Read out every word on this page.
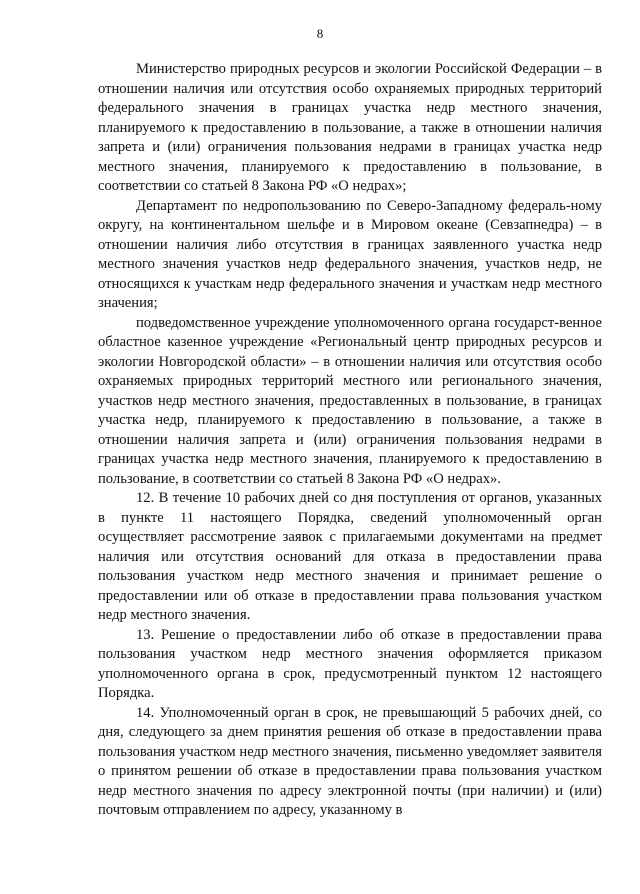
8

Министерство природных ресурсов и экологии Российской Федерации – в отношении наличия или отсутствия особо охраняемых природных территорий федерального значения в границах участка недр местного значения, планируемого к предоставлению в пользование, а также в отношении наличия запрета и (или) ограничения пользования недрами в границах участка недр местного значения, планируемого к предоставлению в пользование, в соответствии со статьей 8 Закона РФ «О недрах»;

Департамент по недропользованию по Северо-Западному федераль-ному округу, на континентальном шельфе и в Мировом океане (Севзапнедра) – в отношении наличия либо отсутствия в границах заявленного участка недр местного значения участков недр федерального значения, участков недр, не относящихся к участкам недр федерального значения и участкам недр местного значения;

подведомственное учреждение уполномоченного органа государст-венное областное казенное учреждение «Региональный центр природных ресурсов и экологии Новгородской области» – в отношении наличия или отсутствия особо охраняемых природных территорий местного или регионального значения, участков недр местного значения, предоставленных в пользование, в границах участка недр, планируемого к предоставлению в пользование, а также в отношении наличия запрета и (или) ограничения пользования недрами в границах участка недр местного значения, планируемого к предоставлению в пользование, в соответствии со статьей 8 Закона РФ «О недрах».

12. В течение 10 рабочих дней со дня поступления от органов, указанных в пункте 11 настоящего Порядка, сведений уполномоченный орган осуществляет рассмотрение заявок с прилагаемыми документами на предмет наличия или отсутствия оснований для отказа в предоставлении права пользования участком недр местного значения и принимает решение о предоставлении или об отказе в предоставлении права пользования участком недр местного значения.

13. Решение о предоставлении либо об отказе в предоставлении права пользования участком недр местного значения оформляется приказом уполномоченного органа в срок, предусмотренный пунктом 12 настоящего Порядка.

14. Уполномоченный орган в срок, не превышающий 5 рабочих дней, со дня, следующего за днем принятия решения об отказе в предоставлении права пользования участком недр местного значения, письменно уведомляет заявителя о принятом решении об отказе в предоставлении права пользования участком недр местного значения по адресу электронной почты (при наличии) и (или) почтовым отправлением по адресу, указанному в
